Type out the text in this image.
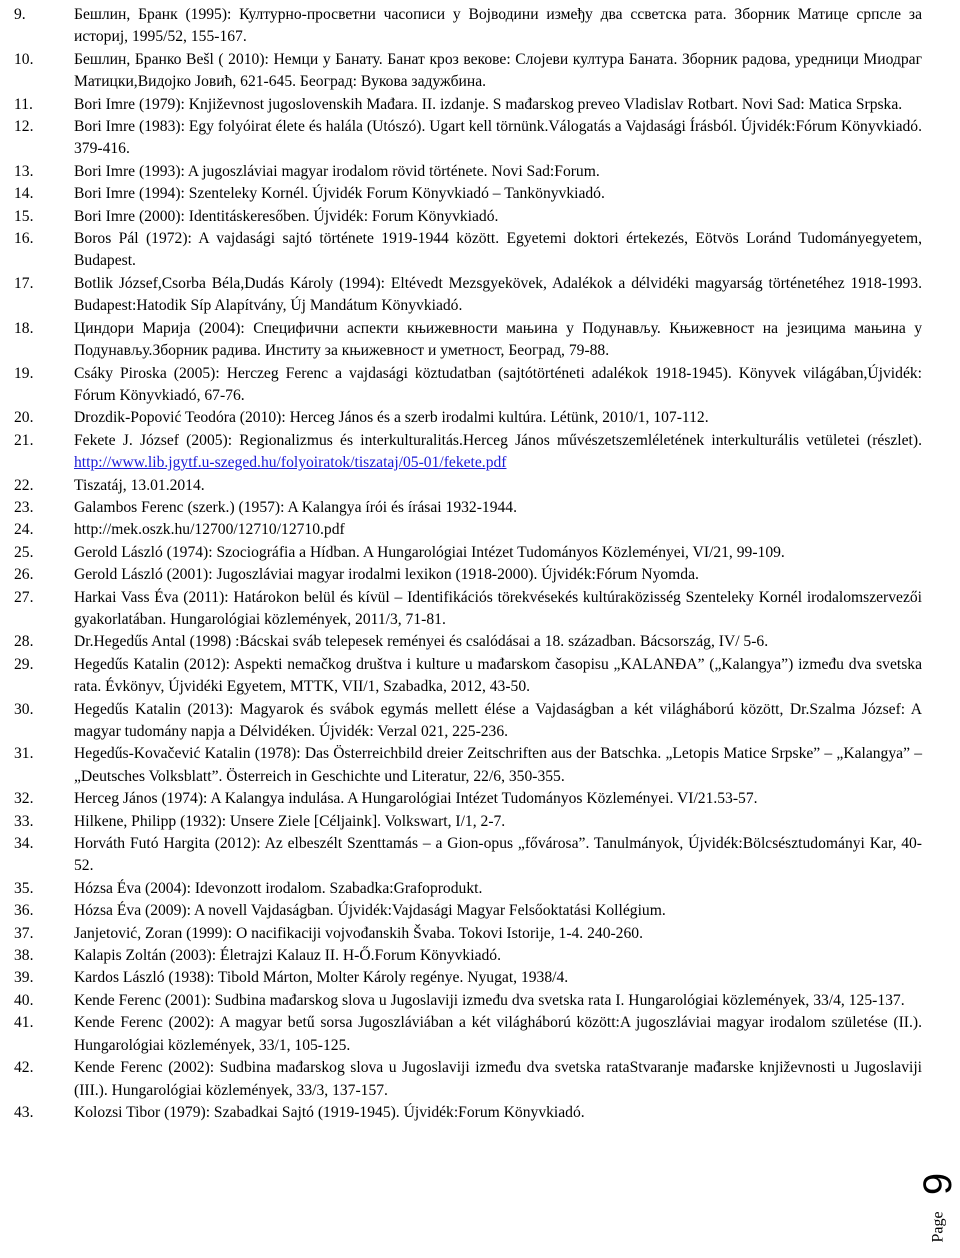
9.	Бешлин, Бранк (1995): Културно-просветни часописи у Војводини између два ссветска рата. Зборник Матице српсле за историј, 1995/52, 155-167.
10.	Бешлин, Бранко Bešl ( 2010): Немци у Банату. Банат кроз векове: Слојеви култура Баната. Зборник радова, уредници Миодраг Матицки,Видојко Јовић, 621-645. Београд: Вукова задужбина.
11.	Bori Imre (1979): Književnost jugoslovenskih Mađara. II. izdanje. S mađarskog preveo Vladislav Rotbart. Novi Sad: Matica Srpska.
12.	Bori Imre (1983): Egy folyóirat élete és halála (Utószó). Ugart kell törnünk.Válogatás a Vajdasági Írásból. Újvidék:Fórum Könyvkiadó. 379-416.
13.	Bori Imre (1993): A jugoszláviai magyar irodalom rövid története. Novi Sad:Forum.
14.	Bori Imre (1994): Szenteleky Kornél. Újvidék Forum Könyvkiadó – Tankönyvkiadó.
15.	Bori Imre (2000): Identitáskeresőben. Újvidék: Forum Könyvkiadó.
16.	Boros Pál (1972): A vajdasági sajtó története 1919-1944 között. Egyetemi doktori értekezés, Eötvös Loránd Tudományegyetem, Budapest.
17.	Botlik József,Csorba Béla,Dudás Károly (1994): Eltévedt Mezsgyekövek, Adalékok a délvidéki magyarság történetéhez 1918-1993. Budapest:Hatodik Síp Alapítvány, Új Mandátum Könyvkiadó.
18.	Циндори Марија (2004): Специфични аспекти књижевности мањина у Подунављу. Књижевност на језицима мањина у Подунављу.Зборник радива. Институ за књижевност и уметност, Београд, 79-88.
19.	Csáky Piroska (2005): Herczeg Ferenc a vajdasági köztudatban (sajtótörténeti adalékok 1918-1945). Könyvek világában,Újvidék: Fórum Könyvkiadó, 67-76.
20.	Drozdik-Popović Teodóra (2010): Herceg János és a szerb irodalmi kultúra. Létünk, 2010/1, 107-112.
21.	Fekete J. József (2005): Regionalizmus és interkulturalitás.Herceg János művészetszemléletének interkulturális vetületei (részlet). http://www.lib.jgytf.u-szeged.hu/folyoiratok/tiszataj/05-01/fekete.pdf
22.	Tiszatáj, 13.01.2014.
23.	Galambos Ferenc (szerk.) (1957): A Kalangya írói és írásai 1932-1944.
24.	http://mek.oszk.hu/12700/12710/12710.pdf
25.	Gerold László (1974): Szociográfia a Hídban. A Hungarológiai Intézet Tudományos Közleményei, VI/21, 99-109.
26.	Gerold László (2001): Jugoszláviai magyar irodalmi lexikon (1918-2000). Újvidék:Fórum Nyomda.
27.	Harkai Vass Éva (2011): Határokon belül és kívül – Identifikációs törekvésekés kultúraközisség Szenteleky Kornél irodalomszervezői gyakorlatában. Hungarológiai közlemények, 2011/3, 71-81.
28.	Dr.Hegedűs Antal (1998) :Bácskai sváb telepesek reményei és csalódásai a 18. században. Bácsország, IV/ 5-6.
29.	Hegedűs Katalin (2012): Aspekti nemačkog društva i kulture u mađarskom časopisu „KALANĐA” („Kalangya”) između dva svetska rata. Évkönyv, Újvidéki Egyetem, MTTK, VII/1, Szabadka, 2012, 43-50.
30.	Hegedűs Katalin (2013): Magyarok és svábok egymás mellett élése a Vajdaságban a két világháború között, Dr.Szalma József: A magyar tudomány napja a Délvidéken. Újvidék: Verzal 021, 225-236.
31.	Hegedűs-Kovačević Katalin (1978): Das Österreichbild dreier Zeitschriften aus der Batschka. „Letopis Matice Srpske” – „Kalangya” – „Deutsches Volksblatt”. Österreich in Geschichte und Literatur, 22/6, 350-355.
32.	Herceg János (1974): A Kalangya indulása. A Hungarológiai Intézet Tudományos Közleményei. VI/21.53-57.
33.	Hilkene, Philipp (1932): Unsere Ziele [Céljaink]. Volkswart, I/1, 2-7.
34.	Horváth Futó Hargita (2012): Az elbeszélt Szenttamás – a Gion-opus „fővárosa”. Tanulmányok, Újvidék:Bölcsésztudományi Kar, 40-52.
35.	Hózsa Éva (2004): Idevonzott irodalom. Szabadka:Grafoprodukt.
36.	Hózsa Éva (2009): A novell Vajdaságban. Újvidék:Vajdasági Magyar Felsőoktatási Kollégium.
37.	Janjetović, Zoran (1999): O nacifikaciji vojvođanskih Švaba. Tokovi Istorije, 1-4. 240-260.
38.	Kalapis Zoltán (2003): Életrajzi Kalauz II. H-Ő.Forum Könyvkiadó.
39.	Kardos László (1938): Tibold Márton, Molter Károly regénye. Nyugat, 1938/4.
40.	Kende Ferenc (2001): Sudbina mađarskog slova u Jugoslaviji između dva svetska rata I. Hungarológiai közlemények, 33/4, 125-137.
41.	Kende Ferenc (2002): A magyar betű sorsa Jugoszláviában a két világháború között:A jugoszláviai magyar irodalom születése (II.). Hungarológiai közlemények, 33/1, 105-125.
42.	Kende Ferenc (2002): Sudbina mađarskog slova u Jugoslaviji između dva svetska rataStvaranje mađarske književnosti u Jugoslaviji (III.). Hungarológiai közlemények, 33/3, 137-157.
43.	Kolozsi Tibor (1979): Szabadkai Sajtó (1919-1945). Újvidék:Forum Könyvkiadó.
9
Page
